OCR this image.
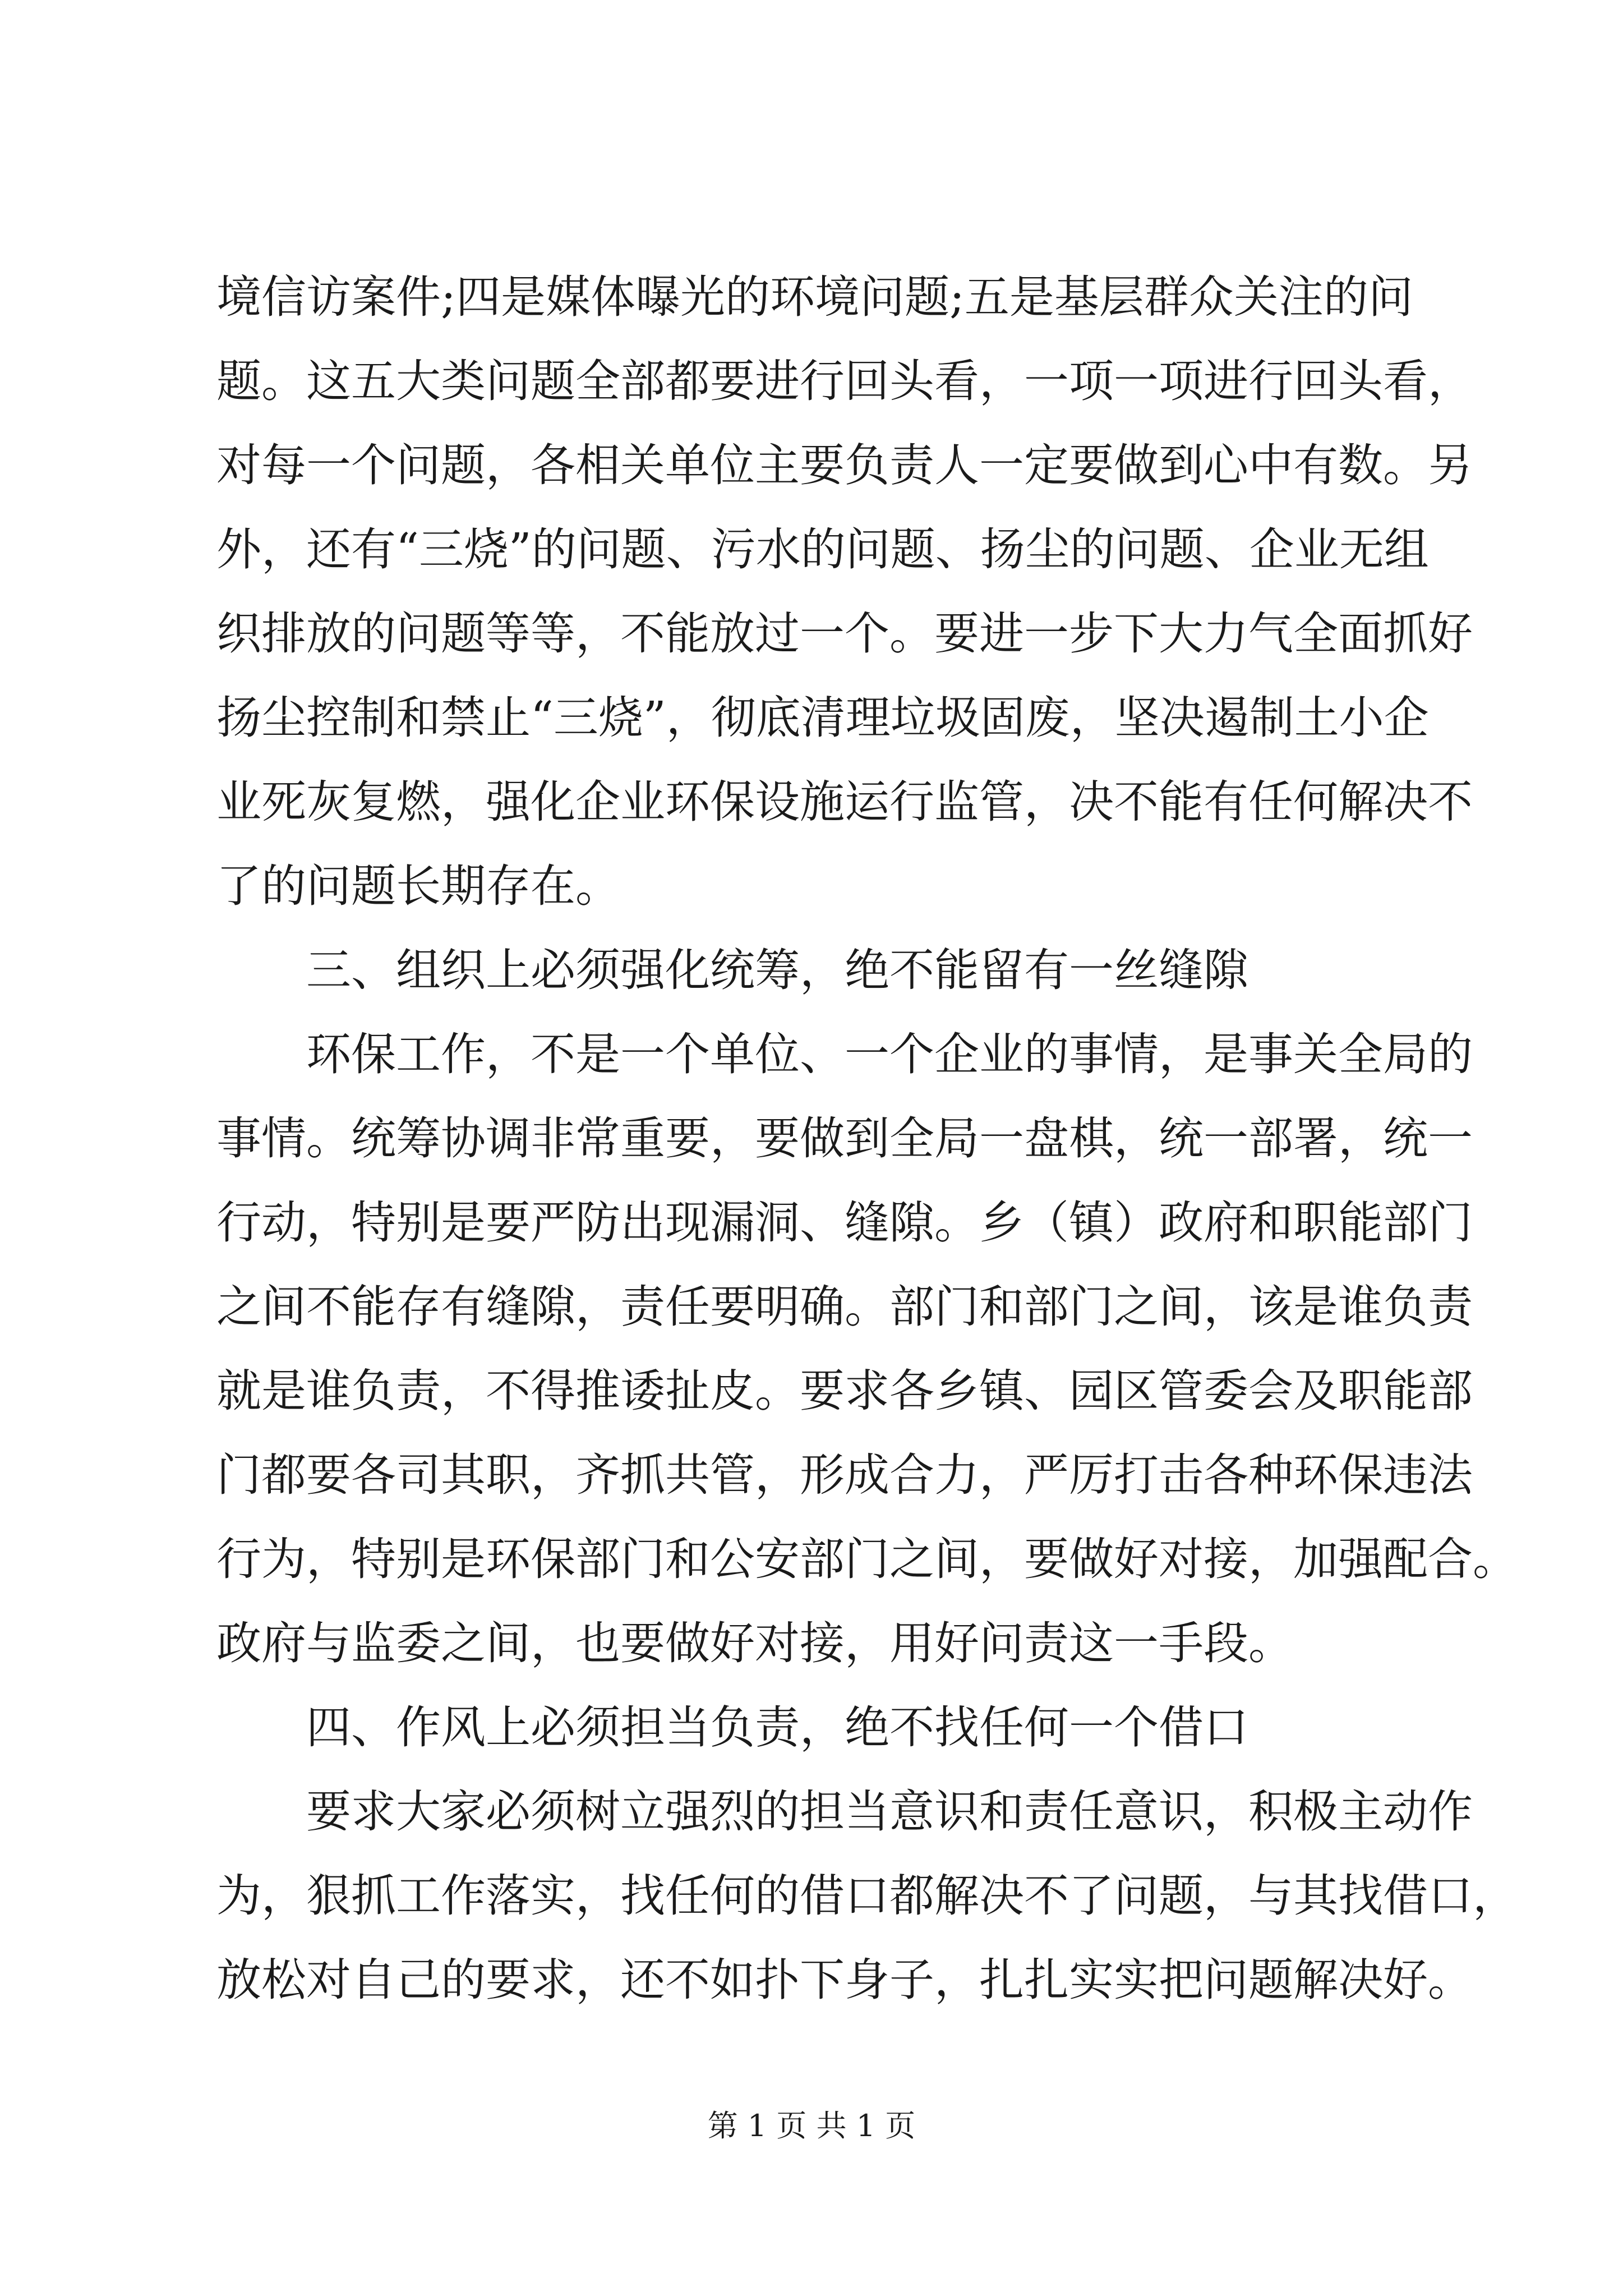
境信访案件;四是媒体曝光的环境问题;五是基层群众关注的问
题。这五大类问题全部都要进行回头看，一项一项进行回头看，
对每一个问题，各相关单位主要负责人一定要做到心中有数。另
外，还有“三烧”的问题、污水的问题、扬尘的问题、企业无组
织排放的问题等等，不能放过一个。要进一步下大力气全面抓好
扬尘控制和禁止“三烧”，彻底清理垃圾固废，坚决遏制土小企
业死灰复燃，强化企业环保设施运行监管，决不能有任何解决不
了的问题长期存在。
三、组织上必须强化统筹，绝不能留有一丝缝隙
环保工作，不是一个单位、一个企业的事情，是事关全局的
事情。统筹协调非常重要，要做到全局一盘棋，统一部署，统一
行动，特别是要严防出现漏洞、缝隙。乡（镇）政府和职能部门
之间不能存有缝隙，责任要明确。部门和部门之间，该是谁负责
就是谁负责，不得推诿扯皮。要求各乡镇、园区管委会及职能部
门都要各司其职，齐抓共管，形成合力，严厉打击各种环保违法
行为，特别是环保部门和公安部门之间，要做好对接，加强配合。
政府与监委之间，也要做好对接，用好问责这一手段。
四、作风上必须担当负责，绝不找任何一个借口
要求大家必须树立强烈的担当意识和责任意识，积极主动作
为，狠抓工作落实，找任何的借口都解决不了问题，与其找借口，
放松对自己的要求，还不如扑下身子，扎扎实实把问题解决好。
第 1 页 共 1 页
